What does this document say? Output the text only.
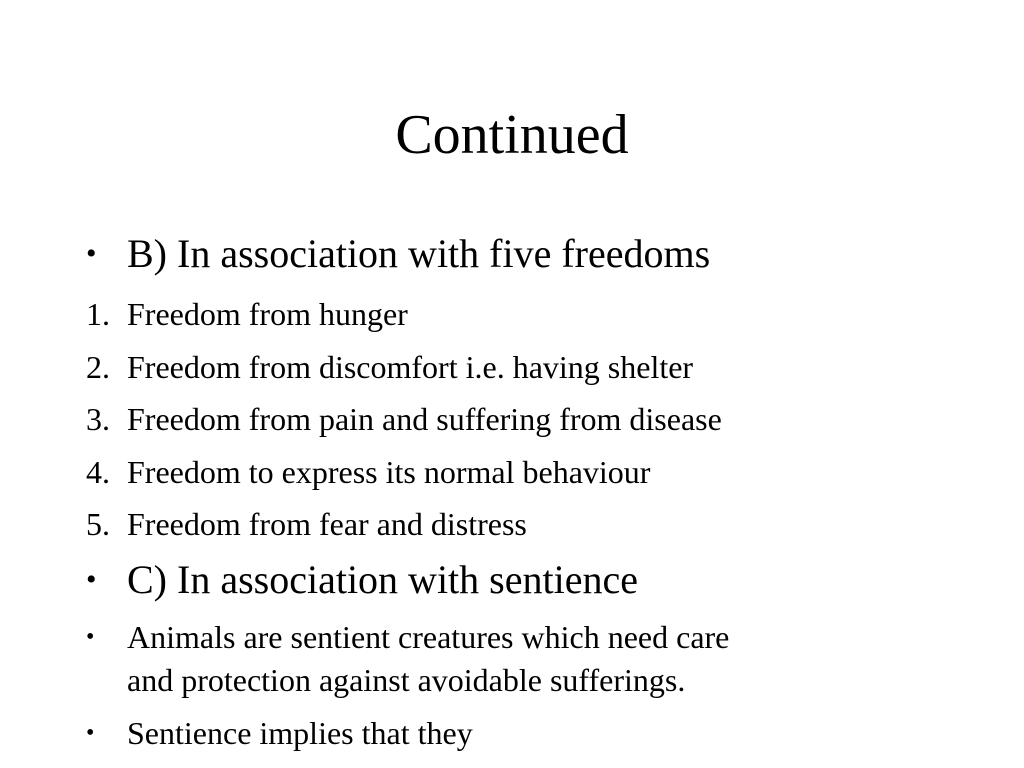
Continued
• B) In association with five freedoms
1. Freedom from hunger
2. Freedom from discomfort i.e. having shelter
3. Freedom from pain and suffering from disease
4. Freedom to express its normal behaviour
5. Freedom from fear and distress
• C) In association with sentience
• Animals are sentient creatures which need care
and protection against avoidable sufferings.
• Sentience implies that they
